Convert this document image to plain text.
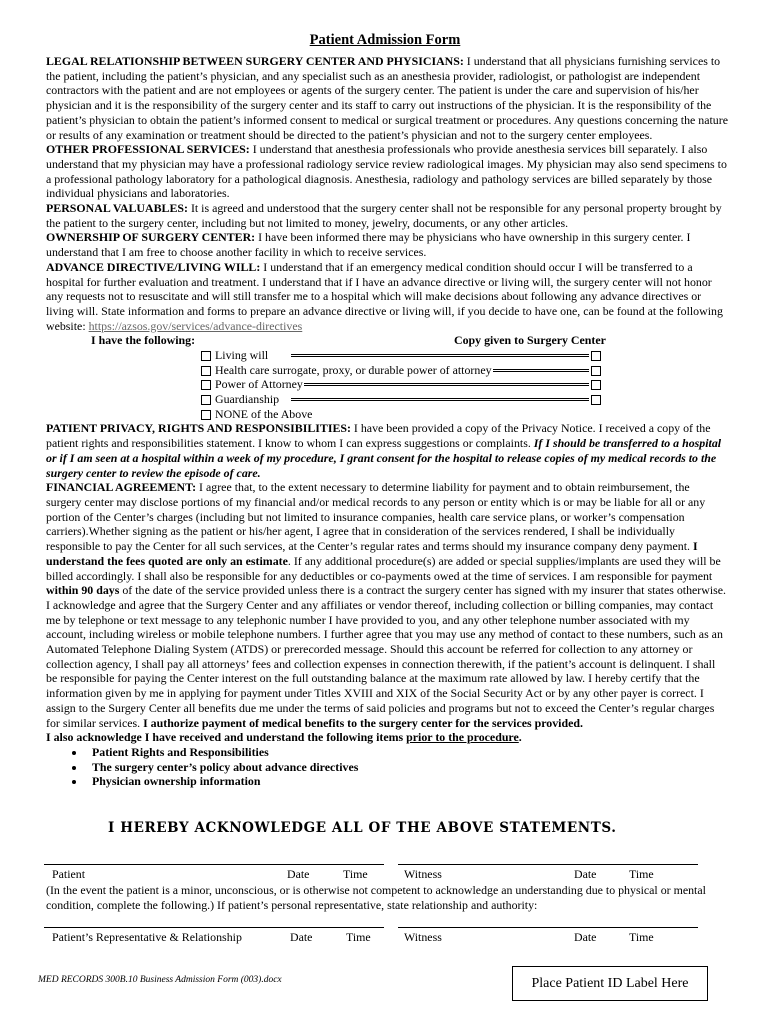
Patient Admission Form

LEGAL RELATIONSHIP BETWEEN SURGERY CENTER AND PHYSICIANS: I understand that all physicians furnishing services to the patient, including the patient’s physician, and any specialist such as an anesthesia provider, radiologist, or pathologist are independent contractors with the patient and are not employees or agents of the surgery center. The patient is under the care and supervision of his/her physician and it is the responsibility of the surgery center and its staff to carry out instructions of the physician. It is the responsibility of the patient’s physician to obtain the patient’s informed consent to medical or surgical treatment or procedures. Any questions concerning the nature or results of any examination or treatment should be directed to the patient’s physician and not to the surgery center employees.

OTHER PROFESSIONAL SERVICES: I understand that anesthesia professionals who provide anesthesia services bill separately. I also understand that my physician may have a professional radiology service review radiological images. My physician may also send specimens to a professional pathology laboratory for a pathological diagnosis. Anesthesia, radiology and pathology services are billed separately by those individual physicians and laboratories.

PERSONAL VALUABLES: It is agreed and understood that the surgery center shall not be responsible for any personal property brought by the patient to the surgery center, including but not limited to money, jewelry, documents, or any other articles.

OWNERSHIP OF SURGERY CENTER: I have been informed there may be physicians who have ownership in this surgery center. I understand that I am free to choose another facility in which to receive services.

ADVANCE DIRECTIVE/LIVING WILL: I understand that if an emergency medical condition should occur I will be transferred to a hospital for further evaluation and treatment. I understand that if I have an advance directive or living will, the surgery center will not honor any requests not to resuscitate and will still transfer me to a hospital which will make decisions about following any advance directives or living will. State information and forms to prepare an advance directive or living will, if you decide to have one, can be found at the following website: https://azsos.gov/services/advance-directives

I have the following:	Copy given to Surgery Center
Living will
Health care surrogate, proxy, or durable power of attorney
Power of Attorney
Guardianship
NONE of the Above

PATIENT PRIVACY, RIGHTS AND RESPONSIBILITIES: I have been provided a copy of the Privacy Notice. I received a copy of the patient rights and responsibilities statement. I know to whom I can express suggestions or complaints. If I should be transferred to a hospital or if I am seen at a hospital within a week of my procedure, I grant consent for the hospital to release copies of my medical records to the surgery center to review the episode of care.

FINANCIAL AGREEMENT: I agree that, to the extent necessary to determine liability for payment and to obtain reimbursement, the surgery center may disclose portions of my financial and/or medical records to any person or entity which is or may be liable for all or any portion of the Center’s charges (including but not limited to insurance companies, health care service plans, or worker’s compensation carriers).Whether signing as the patient or his/her agent, I agree that in consideration of the services rendered, I shall be individually responsible to pay the Center for all such services, at the Center’s regular rates and terms should my insurance company deny payment. I understand the fees quoted are only an estimate. If any additional procedure(s) are added or special supplies/implants are used they will be billed accordingly. I shall also be responsible for any deductibles or co-payments owed at the time of services. I am responsible for payment within 90 days of the date of the service provided unless there is a contract the surgery center has signed with my insurer that states otherwise. I acknowledge and agree that the Surgery Center and any affiliates or vendor thereof, including collection or billing companies, may contact me by telephone or text message to any telephonic number I have provided to you, and any other telephone number associated with my account, including wireless or mobile telephone numbers. I further agree that you may use any method of contact to these numbers, such as an Automated Telephone Dialing System (ATDS) or prerecorded message. Should this account be referred for collection to any attorney or collection agency, I shall pay all attorneys’ fees and collection expenses in connection therewith, if the patient’s account is delinquent. I shall be responsible for paying the Center interest on the full outstanding balance at the maximum rate allowed by law. I hereby certify that the information given by me in applying for payment under Titles XVIII and XIX of the Social Security Act or by any other payer is correct. I assign to the Surgery Center all benefits due me under the terms of said policies and programs but not to exceed the Center’s regular charges for similar services. I authorize payment of medical benefits to the surgery center for the services provided.

I also acknowledge I have received and understand the following items prior to the procedure.

• Patient Rights and Responsibilities
• The surgery center’s policy about advance directives
• Physician ownership information
I HEREBY ACKNOWLEDGE ALL OF THE ABOVE STATEMENTS.
Patient	Date	Time	Witness	Date	Time
(In the event the patient is a minor, unconscious, or is otherwise not competent to acknowledge an understanding due to physical or mental condition, complete the following.) If patient’s personal representative, state relationship and authority:
Patient’s Representative & Relationship	Date	Time	Witness	Date	Time
MED RECORDS 300B.10 Business Admission Form (003).docx	Place Patient ID Label Here
